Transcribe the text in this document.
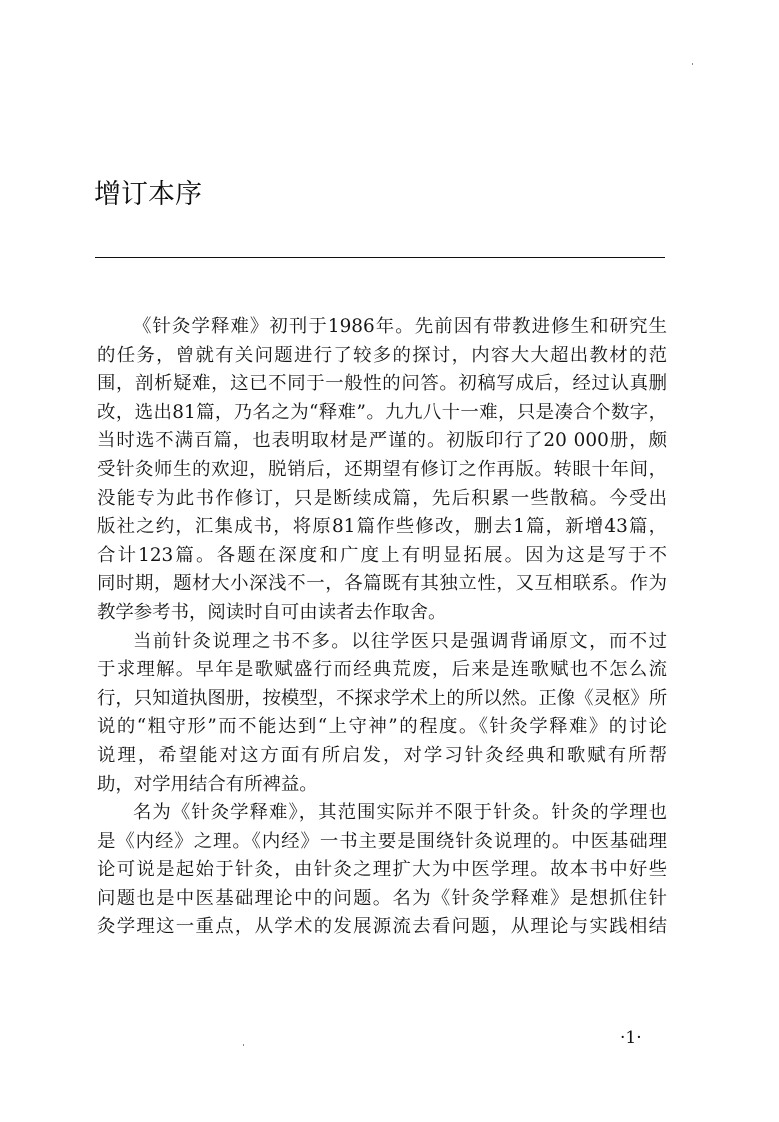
增订本序
《针灸学释难》初刊于1986年。先前因有带教进修生和研究生
的任务，曾就有关问题进行了较多的探讨，内容大大超出教材的范
围，剖析疑难，这已不同于一般性的问答。初稿写成后，经过认真删
改，选出81篇，乃名之为“释难”。九九八十一难，只是凑合个数字，
当时选不满百篇，也表明取材是严谨的。初版印行了20 000册，颇
受针灸师生的欢迎，脱销后，还期望有修订之作再版。转眼十年间，
没能专为此书作修订，只是断续成篇，先后积累一些散稿。今受出
版社之约，汇集成书，将原81篇作些修改，删去1篇，新增43篇，
合计123篇。各题在深度和广度上有明显拓展。因为这是写于不
同时期，题材大小深浅不一，各篇既有其独立性，又互相联系。作为
教学参考书，阅读时自可由读者去作取舍。
当前针灸说理之书不多。以往学医只是强调背诵原文，而不过
于求理解。早年是歌赋盛行而经典荒废，后来是连歌赋也不怎么流
行，只知道执图册，按模型，不探求学术上的所以然。正像《灵枢》所
说的“粗守形”而不能达到“上守神”的程度。《针灸学释难》的讨论
说理，希望能对这方面有所启发，对学习针灸经典和歌赋有所帮
助，对学用结合有所裨益。
名为《针灸学释难》，其范围实际并不限于针灸。针灸的学理也
是《内经》之理。《内经》一书主要是围绕针灸说理的。中医基础理
论可说是起始于针灸，由针灸之理扩大为中医学理。故本书中好些
问题也是中医基础理论中的问题。名为《针灸学释难》是想抓住针
灸学理这一重点，从学术的发展源流去看问题，从理论与实践相结
·1·
